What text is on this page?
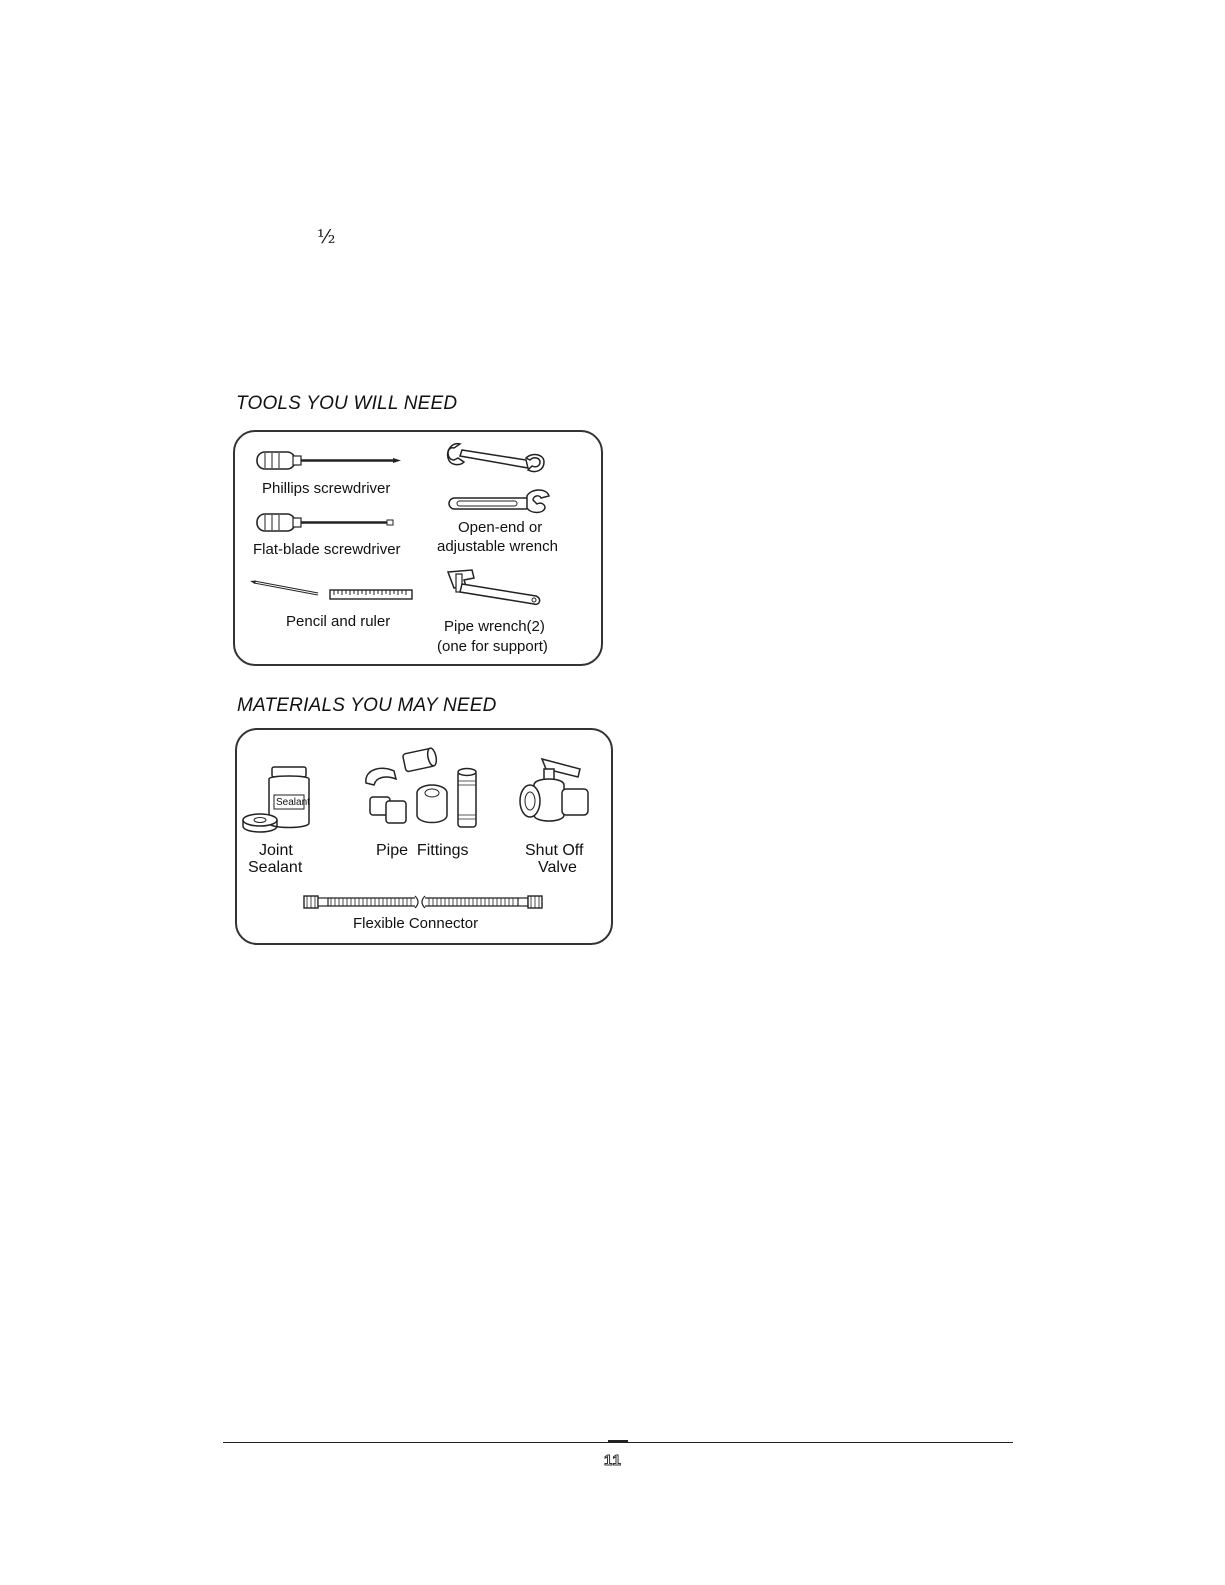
½
TOOLS YOU WILL NEED
Phillips screwdriver
Flat-blade screwdriver
Pencil and ruler
Open-end or
adjustable wrench
Pipe wrench(2)
(one for support)
MATERIALS YOU MAY NEED
Sealant
Joint
Sealant
Pipe  Fittings	Shut Off
Valve
Flexible Connector
11
